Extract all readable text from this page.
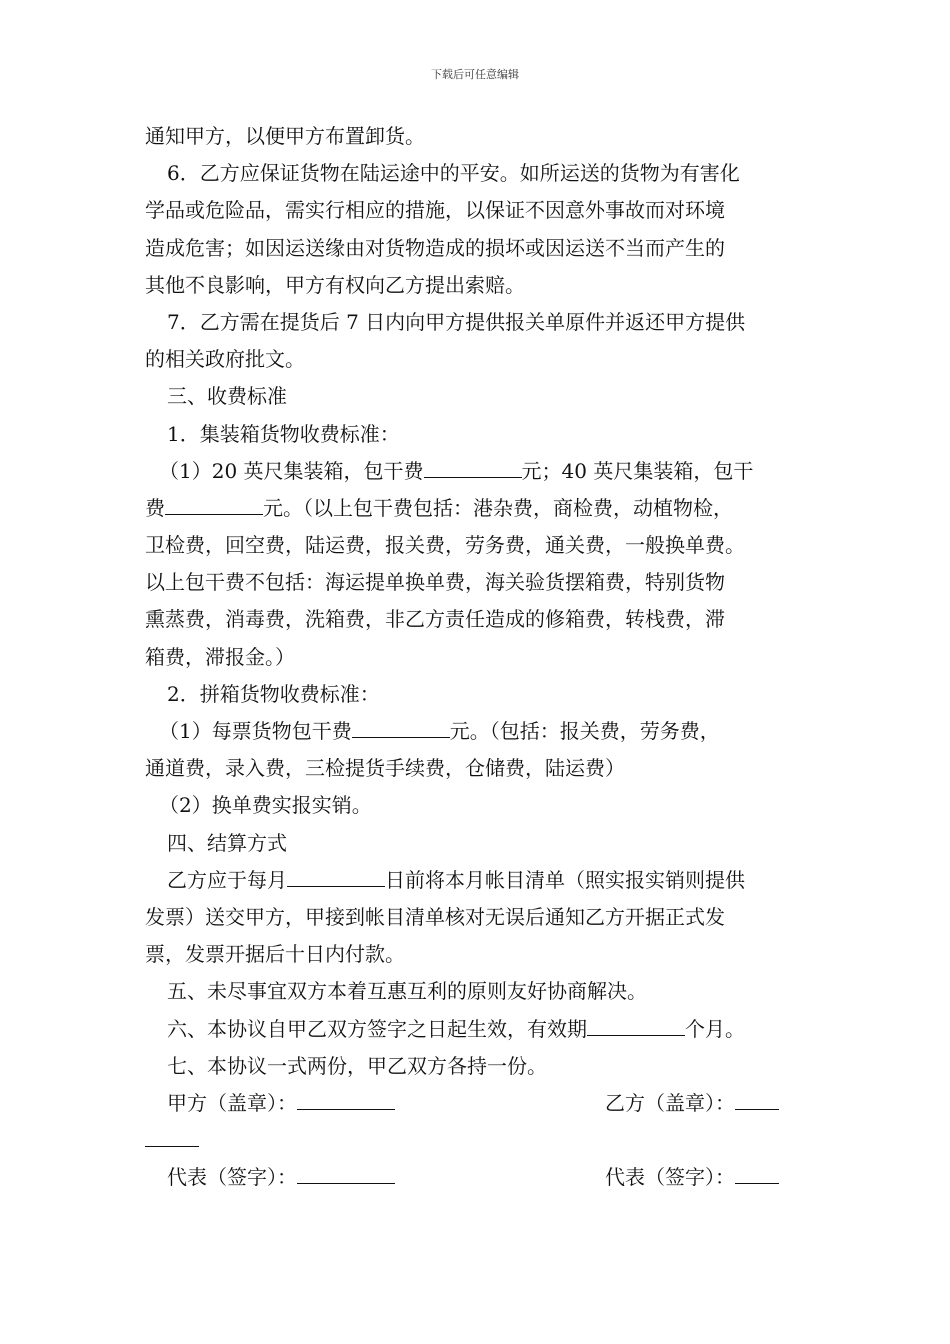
下载后可任意编辑
通知甲方，以便甲方布置卸货。
6．乙方应保证货物在陆运途中的平安。如所运送的货物为有害化
学品或危险品，需实行相应的措施，以保证不因意外事故而对环境
造成危害；如因运送缘由对货物造成的损坏或因运送不当而产生的
其他不良影响，甲方有权向乙方提出索赔。
7．乙方需在提货后 7 日内向甲方提供报关单原件并返还甲方提供
的相关政府批文。
三、收费标准
1．集装箱货物收费标准：
（1）20 英尺集装箱，包干费	元；40 英尺集装箱，包干
费	元。（以上包干费包括：港杂费，商检费，动植物检，
卫检费，回空费，陆运费，报关费，劳务费，通关费，一般换单费。
以上包干费不包括：海运提单换单费，海关验货摆箱费，特别货物
熏蒸费，消毒费，洗箱费，非乙方责任造成的修箱费，转栈费，滞
箱费，滞报金。）
2．拼箱货物收费标准：
（1）每票货物包干费	元。（包括：报关费，劳务费，
通道费，录入费，三检提货手续费，仓储费，陆运费）
（2）换单费实报实销。
四、结算方式
乙方应于每月	日前将本月帐目清单（照实报实销则提供
发票）送交甲方，甲接到帐目清单核对无误后通知乙方开据正式发
票，发票开据后十日内付款。
五、未尽事宜双方本着互惠互利的原则友好协商解决。
六、本协议自甲乙双方签字之日起生效，有效期	个月。
七、本协议一式两份，甲乙双方各持一份。
甲方（盖章）：	乙方（盖章）：
代表（签字）：	代表（签字）：
